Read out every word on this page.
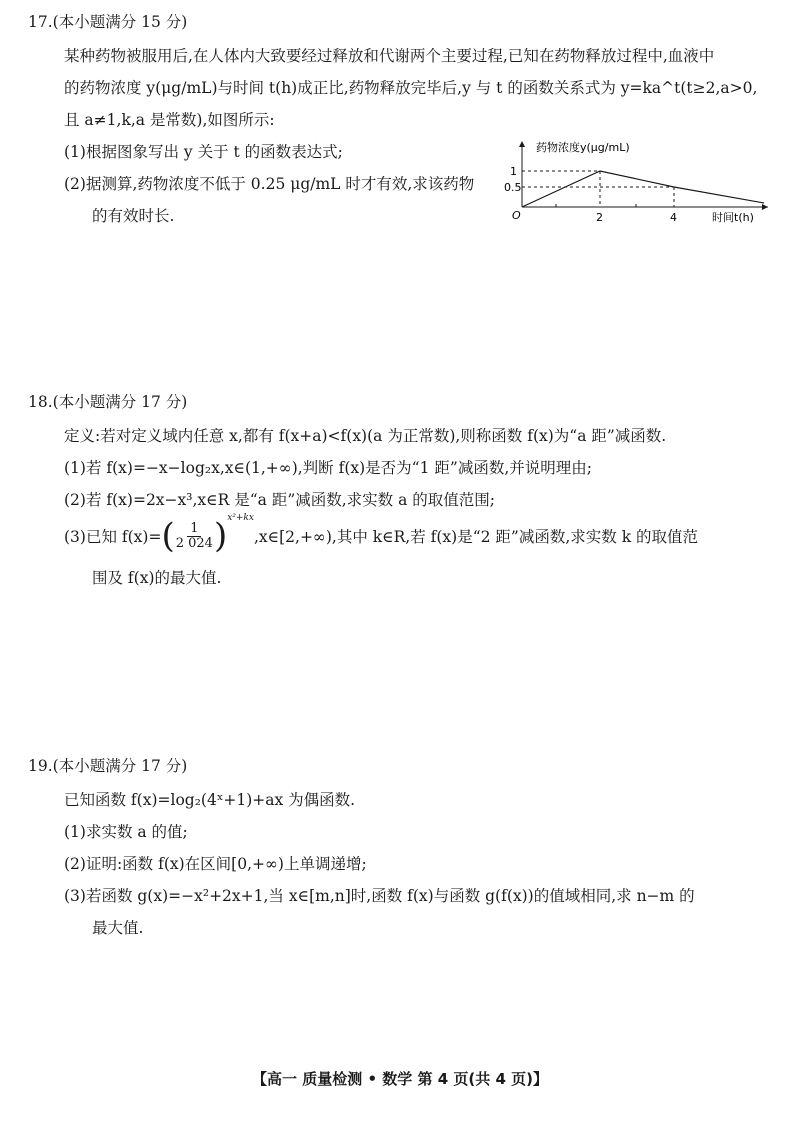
17.(本小题满分 15 分)
某种药物被服用后,在人体内大致要经过释放和代谢两个主要过程,已知在药物释放过程中,血液中
的药物浓度 y(μg/mL)与时间 t(h)成正比,药物释放完毕后,y 与 t 的函数关系式为 y=ka^t(t≥2,a>0,
且 a≠1,k,a 是常数),如图所示:
(1)根据图象写出 y 关于 t 的函数表达式;
(2)据测算,药物浓度不低于 0.25 μg/mL 时才有效,求该药物
的有效时长.
药物浓度y(μg/mL)
时间t(h)
O
1
0.5
2	4
18.(本小题满分 17 分)
定义:若对定义域内任意 x,都有 f(x+a)<f(x)(a 为正常数),则称函数 f(x)为“a 距”减函数.
(1)若 f(x)=−x−log₂x,x∈(1,+∞),判断 f(x)是否为“1 距”减函数,并说明理由;
(2)若 f(x)=2x−x³,x∈R 是“a 距”减函数,求实数 a 的取值范围;
(3)已知 f(x)= ( $\frac{1}{2 024}$ ) x²+kx
,x∈[2,+∞),其中 k∈R,若 f(x)是“2 距”减函数,求实数 k 的取值范
围及 f(x)的最大值.
19.(本小题满分 17 分)
已知函数 f(x)=log₂(4ˣ+1)+ax 为偶函数.
(1)求实数 a 的值;
(2)证明:函数 f(x)在区间[0,+∞)上单调递增;
(3)若函数 g(x)=−x²+2x+1,当 x∈[m,n]时,函数 f(x)与函数 g(f(x))的值域相同,求 n−m 的
最大值.
【高一 质量检测 • 数学 第 4 页(共 4 页)】
